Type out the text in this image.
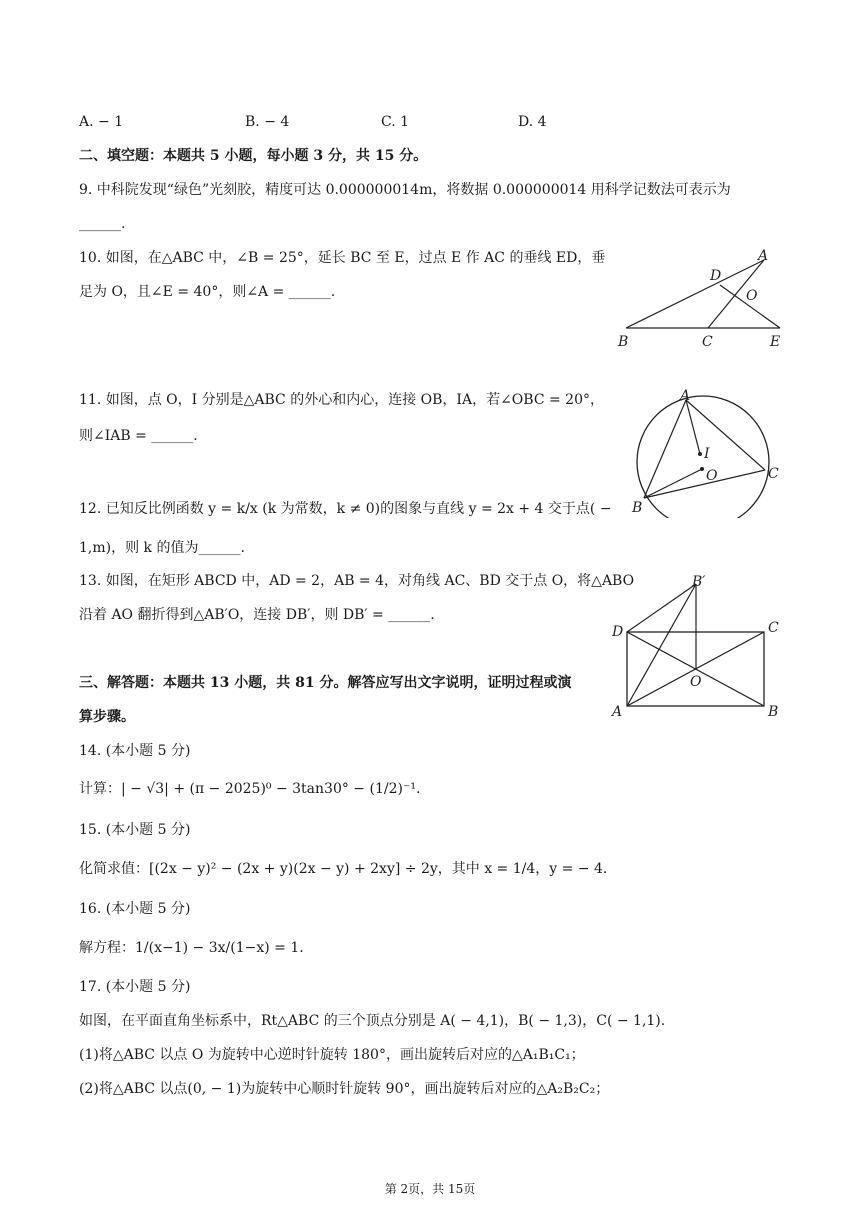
A. − 1	B. − 4	C. 1	D. 4
二、填空题：本题共 5 小题，每小题 3 分，共 15 分。
9. 中科院发现“绿色”光刻胶，精度可达 0.000000014m，将数据 0.000000014 用科学记数法可表示为
______.
10. 如图，在△ABC 中，∠B = 25°，延长 BC 至 E，过点 E 作 AC 的垂线 ED，垂
足为 O，且∠E = 40°，则∠A = ______.
A
D
O
B	C	E
11. 如图，点 O，I 分别是△ABC 的外心和内心，连接 OB，IA，若∠OBC = 20°，
则∠IAB = ______.
A
I
O	C
B
12. 已知反比例函数 y = k/x (k 为常数，k ≠ 0)的图象与直线 y = 2x + 4 交于点( −
1,m)，则 k 的值为______.
13. 如图，在矩形 ABCD 中，AD = 2，AB = 4，对角线 AC、BD 交于点 O，将△ABO
沿着 AO 翻折得到△AB′O，连接 DB′，则 DB′ = ______.
B′
D	C
O
A	B
三、解答题：本题共 13 小题，共 81 分。解答应写出文字说明，证明过程或演
算步骤。
14. (本小题 5 分)
计算：| − √3| + (π − 2025)⁰ − 3tan30° − (1/2)⁻¹.
15. (本小题 5 分)
化简求值：[(2x − y)² − (2x + y)(2x − y) + 2xy] ÷ 2y，其中 x = 1/4，y = − 4.
16. (本小题 5 分)
解方程：1/(x−1) − 3x/(1−x) = 1.
17. (本小题 5 分)
如图，在平面直角坐标系中，Rt△ABC 的三个顶点分别是 A( − 4,1)，B( − 1,3)，C( − 1,1).
(1)将△ABC 以点 O 为旋转中心逆时针旋转 180°，画出旋转后对应的△A₁B₁C₁；
(2)将△ABC 以点(0, − 1)为旋转中心顺时针旋转 90°，画出旋转后对应的△A₂B₂C₂；
第 2页，共 15页
